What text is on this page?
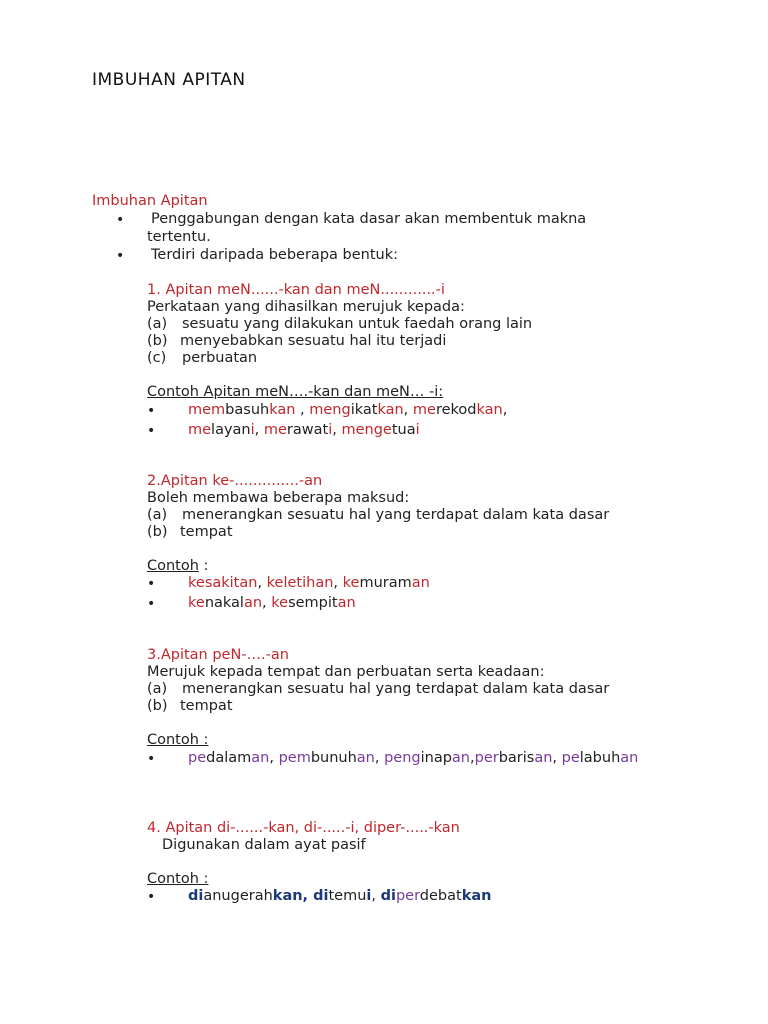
IMBUHAN APITAN
Imbuhan Apitan
• Penggabungan dengan kata dasar akan membentuk makna
tertentu.
• Terdiri daripada beberapa bentuk:
1. Apitan meN......-kan dan meN............-i
Perkataan yang dihasilkan merujuk kepada:
(a) sesuatu yang dilakukan untuk faedah orang lain
(b) menyebabkan sesuatu hal itu terjadi
(c) perbuatan
Contoh Apitan meN….-kan dan meN… -i:
• membasuhkan , mengikatkan, merekodkan,
• melayani, merawati, mengetuai
2.Apitan ke-..............-an
Boleh membawa beberapa maksud:
(a) menerangkan sesuatu hal yang terdapat dalam kata dasar
(b) tempat
Contoh :
• kesakitan, keletihan, kemuraman
• kenakalan, kesempitan
3.Apitan peN-….-an
Merujuk kepada tempat dan perbuatan serta keadaan:
(a) menerangkan sesuatu hal yang terdapat dalam kata dasar
(b) tempat
Contoh :
• pedalaman, pembunuhan, penginapan,perbarisan, pelabuhan
4. Apitan di-......-kan, di-.....-i, diper-.....-kan
Digunakan dalam ayat pasif
Contoh :
• dianugerahkan, ditemui, diperdebatkan
